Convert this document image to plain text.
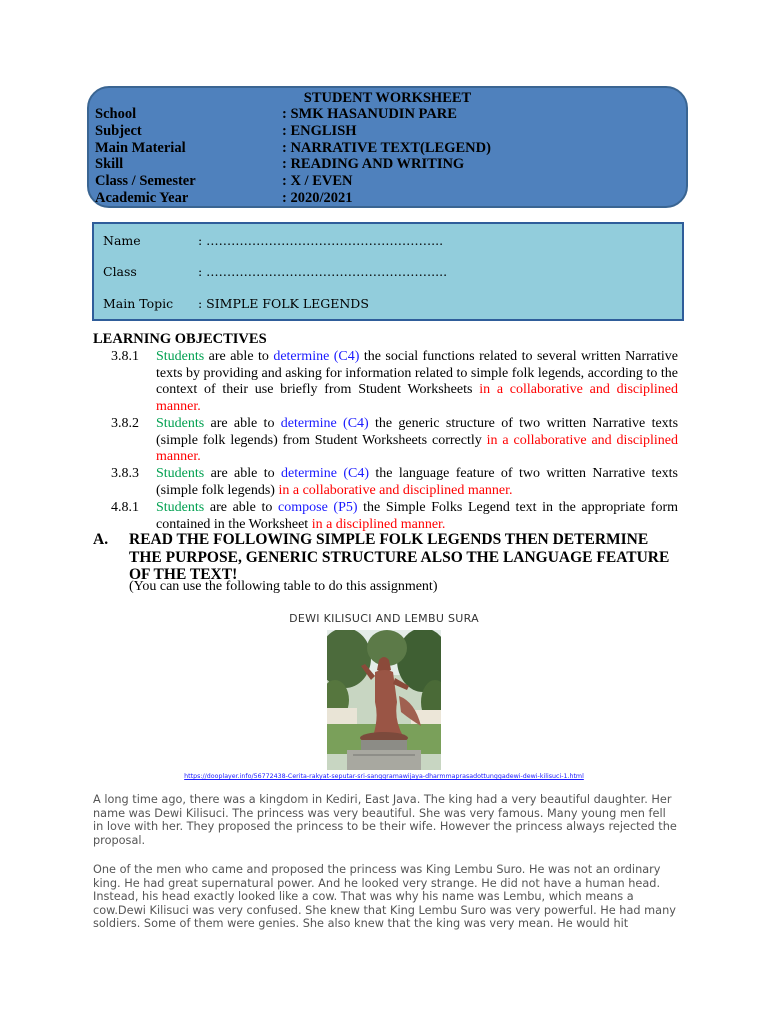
STUDENT WORKSHEET
School	: SMK HASANUDIN PARE
Subject	: ENGLISH
Main Material	: NARRATIVE TEXT(LEGEND)
Skill	: READING AND WRITING
Class / Semester	: X / EVEN
Academic Year	: 2020/2021
Name	: ………………………………………………...
Class	: ………………………………………………....
Main Topic : SIMPLE FOLK LEGENDS
LEARNING OBJECTIVES
3.8.1 Students are able to determine (C4) the social functions related to several written Narrative texts by providing and asking for information related to simple folk legends, according to the context of their use briefly from Student Worksheets in a collaborative and disciplined manner.
3.8.2 Students are able to determine (C4) the generic structure of two written Narrative texts (simple folk legends) from Student Worksheets correctly in a collaborative and disciplined manner.
3.8.3 Students are able to determine (C4) the language feature of two written Narrative texts (simple folk legends) in a collaborative and disciplined manner.
4.8.1 Students are able to compose (P5) the Simple Folks Legend text in the appropriate form contained in the Worksheet in a disciplined manner.
A. READ THE FOLLOWING SIMPLE FOLK LEGENDS THEN DETERMINE THE PURPOSE, GENERIC STRUCTURE ALSO THE LANGUAGE FEATURE OF THE TEXT!
(You can use the following table to do this assignment)
DEWI KILISUCI AND LEMBU SURA
https://dooplayer.info/56772438-Cerita-rakyat-seputar-sri-sanggramawijaya-dharmmaprasadottunggadewi-dewi-kilisuci-1.html
A long time ago, there was a kingdom in Kediri, East Java. The king had a very beautiful daughter. Her name was Dewi Kilisuci. The princess was very beautiful. She was very famous. Many young men fell in love with her. They proposed the princess to be their wife. However the princess always rejected the proposal.
One of the men who came and proposed the princess was King Lembu Suro. He was not an ordinary king. He had great supernatural power. And he looked very strange. He did not have a human head. Instead, his head exactly looked like a cow. That was why his name was Lembu, which means a cow.Dewi Kilisuci was very confused. She knew that King Lembu Suro was very powerful. He had many soldiers. Some of them were genies. She also knew that the king was very mean. He would hit
